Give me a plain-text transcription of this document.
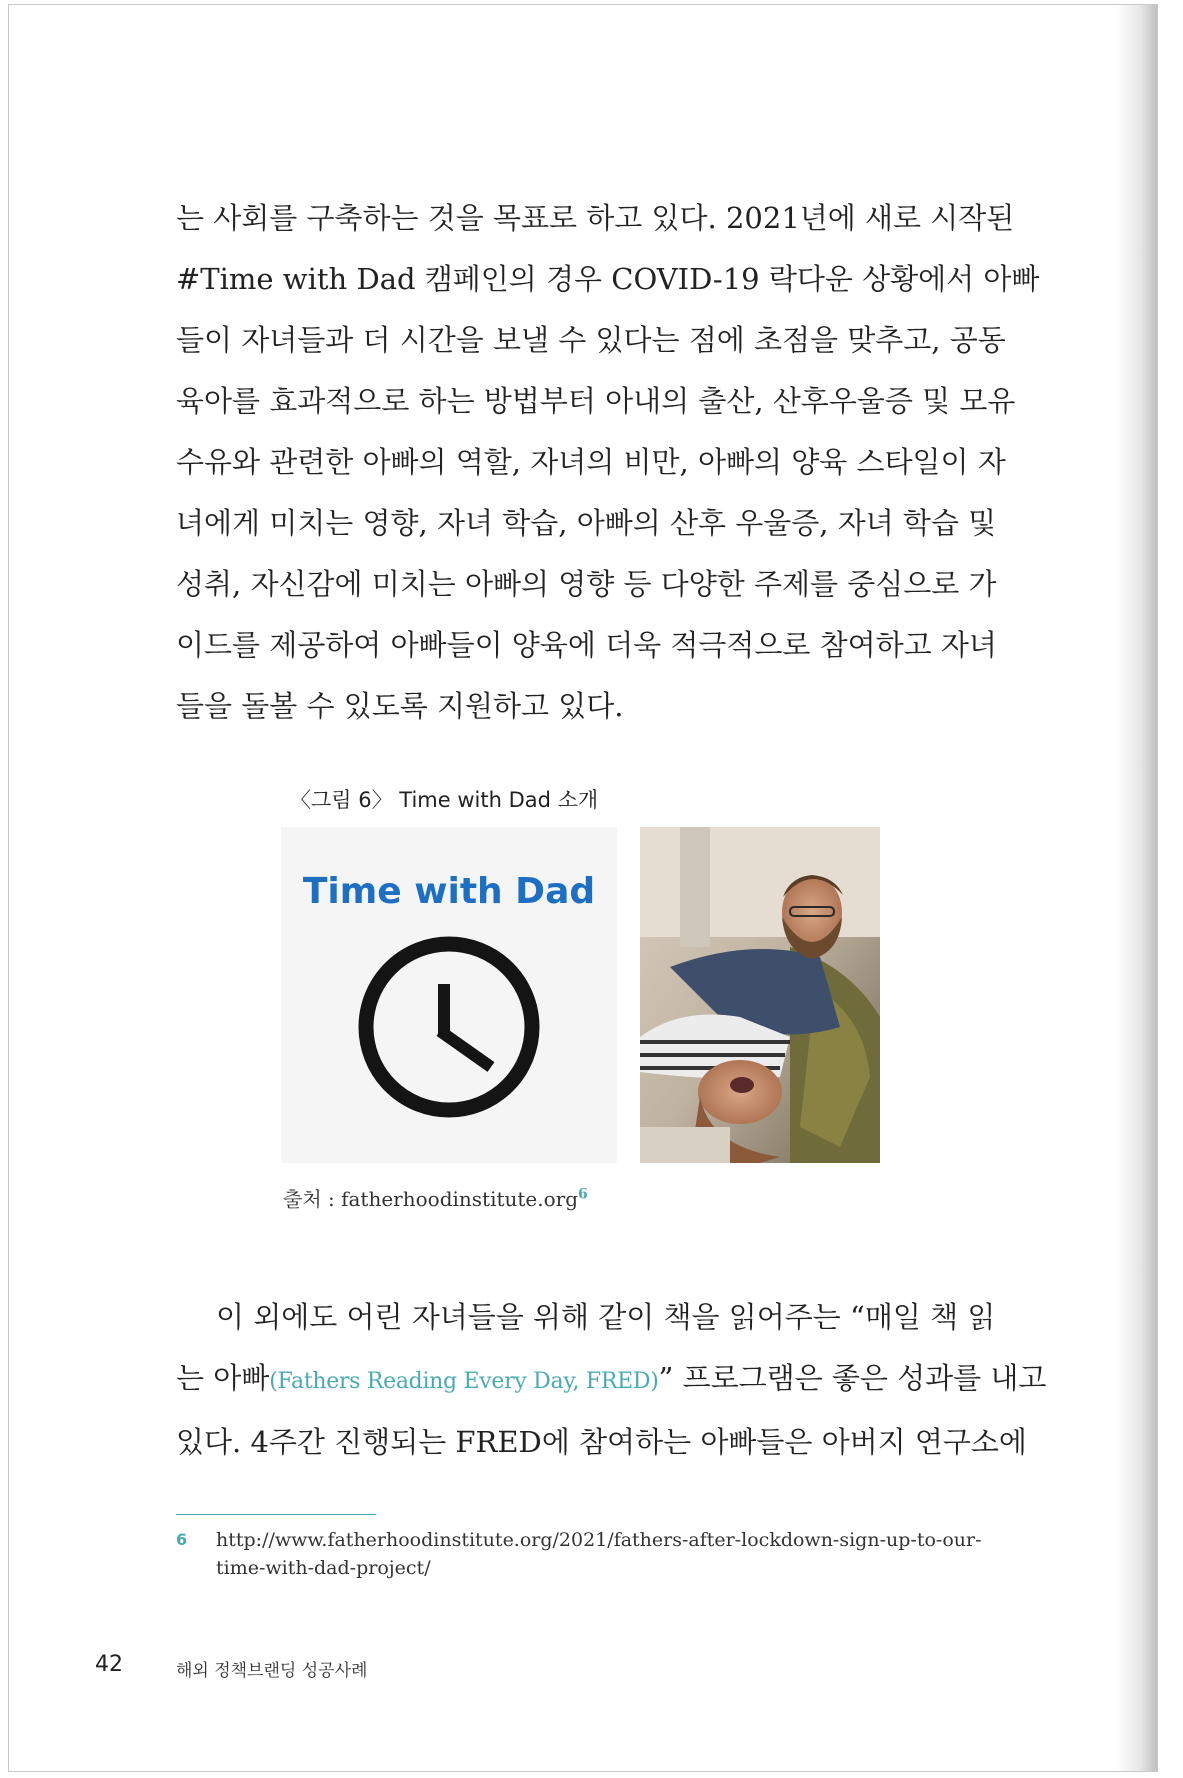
는 사회를 구축하는 것을 목표로 하고 있다. 2021년에 새로 시작된
#Time with Dad 캠페인의 경우 COVID-19 락다운 상황에서 아빠
들이 자녀들과 더 시간을 보낼 수 있다는 점에 초점을 맞추고, 공동
육아를 효과적으로 하는 방법부터 아내의 출산, 산후우울증 및 모유
수유와 관련한 아빠의 역할, 자녀의 비만, 아빠의 양육 스타일이 자
녀에게 미치는 영향, 자녀 학습, 아빠의 산후 우울증, 자녀 학습 및
성취, 자신감에 미치는 아빠의 영향 등 다양한 주제를 중심으로 가
이드를 제공하여 아빠들이 양육에 더욱 적극적으로 참여하고 자녀
들을 돌볼 수 있도록 지원하고 있다.
〈그림 6〉 Time with Dad 소개
Time with Dad
출처 : fatherhoodinstitute.org$^6$
이 외에도 어린 자녀들을 위해 같이 책을 읽어주는 “매일 책 읽
는 아빠(Fathers Reading Every Day, FRED)” 프로그램은 좋은 성과를 내고
있다. 4주간 진행되는 FRED에 참여하는 아빠들은 아버지 연구소에
6 http://www.fatherhoodinstitute.org/2021/fathers-after-lockdown-sign-up-to-our-time-with-dad-project/
42	해외 정책브랜딩 성공사례
